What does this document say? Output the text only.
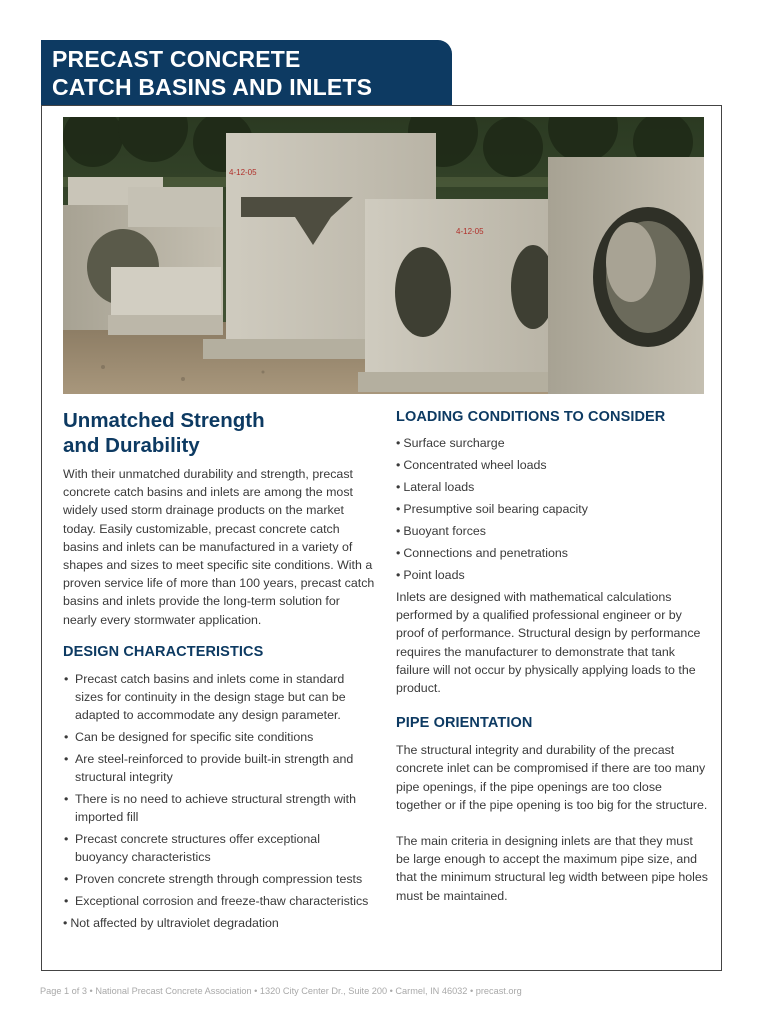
PRECAST CONCRETE
CATCH BASINS AND INLETS
4-12-05
4-12-05
Unmatched Strength
and Durability

With their unmatched durability and strength, precast concrete catch basins and inlets are among the most widely used storm drainage products on the market today. Easily customizable, precast concrete catch basins and inlets can be manufactured in a variety of shapes and sizes to meet specific site conditions. With a proven service life of more than 100 years, precast catch basins and inlets provide the long-term solution for nearly every stormwater application.

DESIGN CHARACTERISTICS
• Precast catch basins and inlets come in standard sizes for continuity in the design stage but can be adapted to accommodate any design parameter.
• Can be designed for specific site conditions
• Are steel-reinforced to provide built-in strength and structural integrity
• There is no need to achieve structural strength with imported fill
• Precast concrete structures offer exceptional buoyancy characteristics
• Proven concrete strength through compression tests
• Exceptional corrosion and freeze-thaw characteristics
• Not affected by ultraviolet degradation
LOADING CONDITIONS TO CONSIDER
• Surface surcharge
• Concentrated wheel loads
• Lateral loads
• Presumptive soil bearing capacity
• Buoyant forces
• Connections and penetrations
• Point loads

Inlets are designed with mathematical calculations performed by a qualified professional engineer or by proof of performance. Structural design by performance requires the manufacturer to demonstrate that tank failure will not occur by physically applying loads to the product.

PIPE ORIENTATION

The structural integrity and durability of the precast concrete inlet can be compromised if there are too many pipe openings, if the pipe openings are too close together or if the pipe opening is too big for the structure.

The main criteria in designing inlets are that they must be large enough to accept the maximum pipe size, and that the minimum structural leg width between pipe holes must be maintained.

Page 1 of 3 • National Precast Concrete Association • 1320 City Center Dr., Suite 200 • Carmel, IN 46032 • precast.org
